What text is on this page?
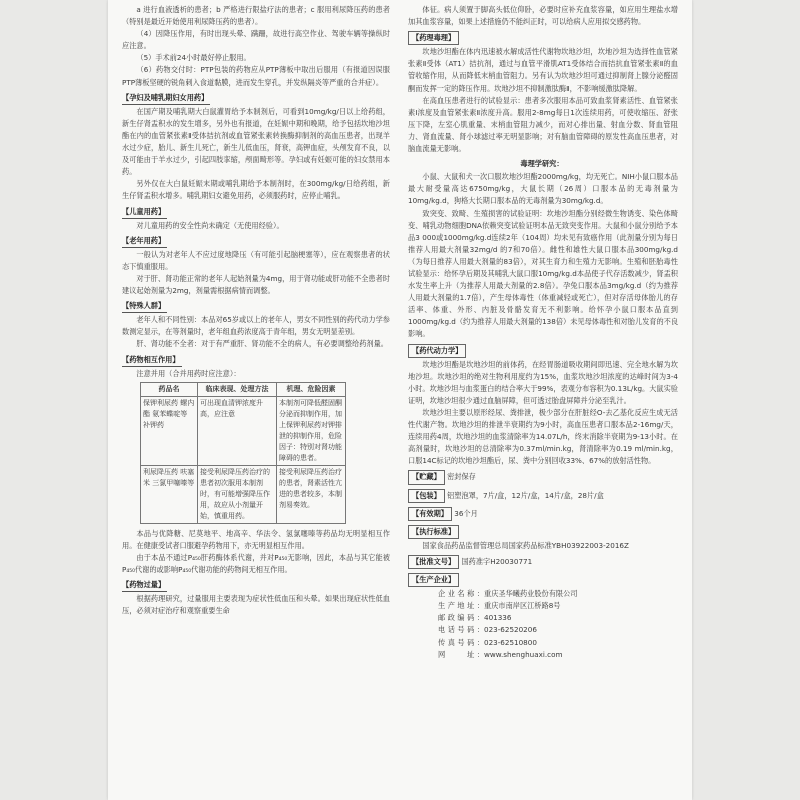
a 进行血液透析的患者；b 严格进行限盐疗法的患者；c 服用利尿降压药的患者（特别是最近开始使用利尿降压药的患者）。

（4）因降压作用，有时出现头晕、蹒跚，故进行高空作业、驾驶车辆等操纵时应注意。

（5）手术前24小时最好停止服用。

（6）药物交付时：PTP包装的药物应从PTP薄板中取出后服用（有报道因误服PTP薄板坚硬的锐角刺入食道黏膜，进而发生穿孔，并发纵隔炎等严重的合并症）。

【孕妇及哺乳期妇女用药】

在国产期及哺乳期大白鼠灌胃给予本制剂后，可看到10mg/kg/日以上给药组，新生仔肾盂积水的发生增多，另外也有报道，在妊娠中期和晚期，给予包括坎地沙坦酯在内的血管紧张素Ⅱ受体拮抗剂或血管紧张素转换酶抑制剂的高血压患者，出现羊水过少症，胎儿、新生儿死亡，新生儿低血压，肾衰，高钾血症，头颅发育不良，以及可能由于羊水过少，引起四肢挛缩，颅面畸形等。孕妇或有妊娠可能的妇女禁用本药。

另外仅在大白鼠妊娠末期或哺乳期给予本制剂时，在300mg/kg/日给药组，新生仔肾盂积水增多。哺乳期妇女避免用药，必须服药时，应停止哺乳。

【儿童用药】

对儿童用药的安全性尚未确定（无使用经验）。

【老年用药】

一般认为对老年人不应过度地降压（有可能引起脑梗塞等），应在观察患者的状态下慎重服用。

对于肝、肾功能正常的老年人起始剂量为4mg，用于肾功能或肝功能不全患者时建议起始剂量为2mg，剂量需根据病情而调整。

【特殊人群】

老年人和不同性别：本品对65岁或以上的老年人，男女不同性别的药代动力学参数测定显示，在等剂量时，老年组血药浓度高于青年组，男女无明显差别。

肝、肾功能不全者：对于有严重肝、肾功能不全的病人，有必要调整给药剂量。

【药物相互作用】

注意并用（合并用药时应注意）：

药品名	临床表现、处理方法	机理、危险因素
保钾利尿药 螺内酯 氨苯蝶啶等 补钾药	可出现血清钾浓度升高，应注意	本制剂可降低醛固酮分泌而抑制作用，加上保钾利尿药对钾排泄的抑制作用，危险因子：特别对肾功能障碍的患者。
利尿降压药 呋塞米 三氯甲噻嗪等	接受利尿降压药治疗的患者初次服用本制剂时，有可能增强降压作用，故应从小剂量开始，慎重用药。	接受利尿降压药治疗的患者，肾素活性亢进的患者较多，本制剂易奏效。

本品与优降糖、尼莫地平、地高辛、华法令、氢氯噻嗪等药品均无明显相互作用。在健康受试者口服避孕药物用下，亦无明显相互作用。

由于本品不通过P₄₅₀肝药酶体系代谢，并对P₄₅₀无影响，因此，本品与其它能被P₄₅₀代谢的或影响P₄₅₀代谢功能的药物间无相互作用。

【药物过量】

根据药理研究，过量服用主要表现为症状性低血压和头晕。如果出现症状性低血压，必须对症治疗和观察重要生命

体征。病人须置于脚高头低位仰卧，必要时应补充血浆容量，如应用生理盐水增加其血浆容量，如果上述措施仍不能纠正时，可以给病人应用拟交感药物。

【药理毒理】

坎地沙坦酯在体内迅速被水解成活性代谢物坎地沙坦，坎地沙坦为选择性血管紧张素Ⅱ受体（AT1）拮抗剂，通过与血管平滑肌AT1受体结合而拮抗血管紧张素Ⅱ的血管收缩作用，从而降低末梢血管阻力。另有认为坎地沙坦可通过抑制肾上腺分泌醛固酮而发挥一定的降压作用。坎地沙坦不抑制激肽酶Ⅱ，不影响缓激肽降解。

在高血压患者进行的试验显示：患者多次服用本品可致血浆肾素活性、血管紧张素Ⅰ浓度及血管紧张素Ⅱ浓度升高。服用2-8mg每日1次连续用药，可使收缩压、舒张压下降，左室心肌重量、末梢血管阻力减少，而对心排出量、射血分数、肾血管阻力、肾血流量、肾小球滤过率无明显影响；对有脑血管障碍的原发性高血压患者，对脑血流量无影响。

毒理学研究：

小鼠、大鼠和犬一次口服坎地沙坦酯2000mg/kg，均无死亡。NIH小鼠口服本品最大耐受量高达6750mg/kg，大鼠长期（26周）口服本品的无毒剂量为10mg/kg.d，狗格大长期口服本品的无毒剂量为30mg/kg.d。

致突变、致畸、生殖损害的试验证明：坎地沙坦酯分别经微生物诱变、染色体畸变、哺乳动物细胞DNA依赖突变试验证明本品无致突变作用。大鼠和小鼠分别给予本品3 000或1000mg/kg.d连续2年（104周）均未见有致癌作用（此剂量分别为每日推荐人用最大剂量32mg/d 的7和70倍）。雌性和雄性大鼠口服本品300mg/kg.d（为每日推荐人用最大剂量的83倍），对其生育力和生殖力无影响。生殖和胚胎毒性试验显示：给怀孕后期及其哺乳大鼠口服10mg/kg.d本品使子代存活数减少，肾盂积水发生率上升（为推荐人用最大剂量的2.8倍）。孕兔口服本品3mg/kg.d（约为推荐人用最大剂量的1.7倍），产生母体毒性（体重减轻或死亡），但对存活母体胎儿的存活率、体重、外形、内脏及骨骼发育无不利影响。给怀孕小鼠口服本品直到1000mg/kg.d（约为推荐人用最大剂量的138倍）未见母体毒性和对胎儿发育的不良影响。

【药代动力学】

坎地沙坦酯是坎地沙坦的前体药，在经胃肠道吸收期间即迅速、完全地水解为坎地沙坦。坎地沙坦的绝对生物利用度约为15%，血浆坎地沙坦浓度的达峰时间为3-4小时。坎地沙坦与血浆蛋白的结合率大于99%，表观分布容积为0.13L/kg。大鼠实验证明，坎地沙坦很少通过血脑屏障，但可透过胎盘屏障并分泌至乳汁。

坎地沙坦主要以原形经尿、粪排泄，极少部分在肝脏经O-去乙基化反应生成无活性代谢产物。坎地沙坦的排泄半衰期约为9小时，高血压患者口服本品2-16mg/天，连续用药4周，坎地沙坦的血浆清除率为14.07L/h，终末消除半衰期为9-13小时。在高剂量时，坎地沙坦的总清除率为0.37ml/min.kg，肾清除率为0.19 ml/min.kg，口服14C标记的坎地沙坦酯后，尿、粪中分别回收33%、67%的放射活性物。

【贮藏】 密封保存
【包装】 铝塑泡罩，7片/盒，12片/盒，14片/盒，28片/盒
【有效期】 36个月
【执行标准】

国家食品药品监督管理总局国家药品标准YBH03922003-2016Z

【批准文号】 国药准字H20030771
【生产企业】
企业名称：重庆圣华曦药业股份有限公司
生产地址：重庆市南岸区江桥路8号
邮政编码：401336
电话号码：023-62520206
传真号码：023-62510800
网　　址：www.shenghuaxi.com
